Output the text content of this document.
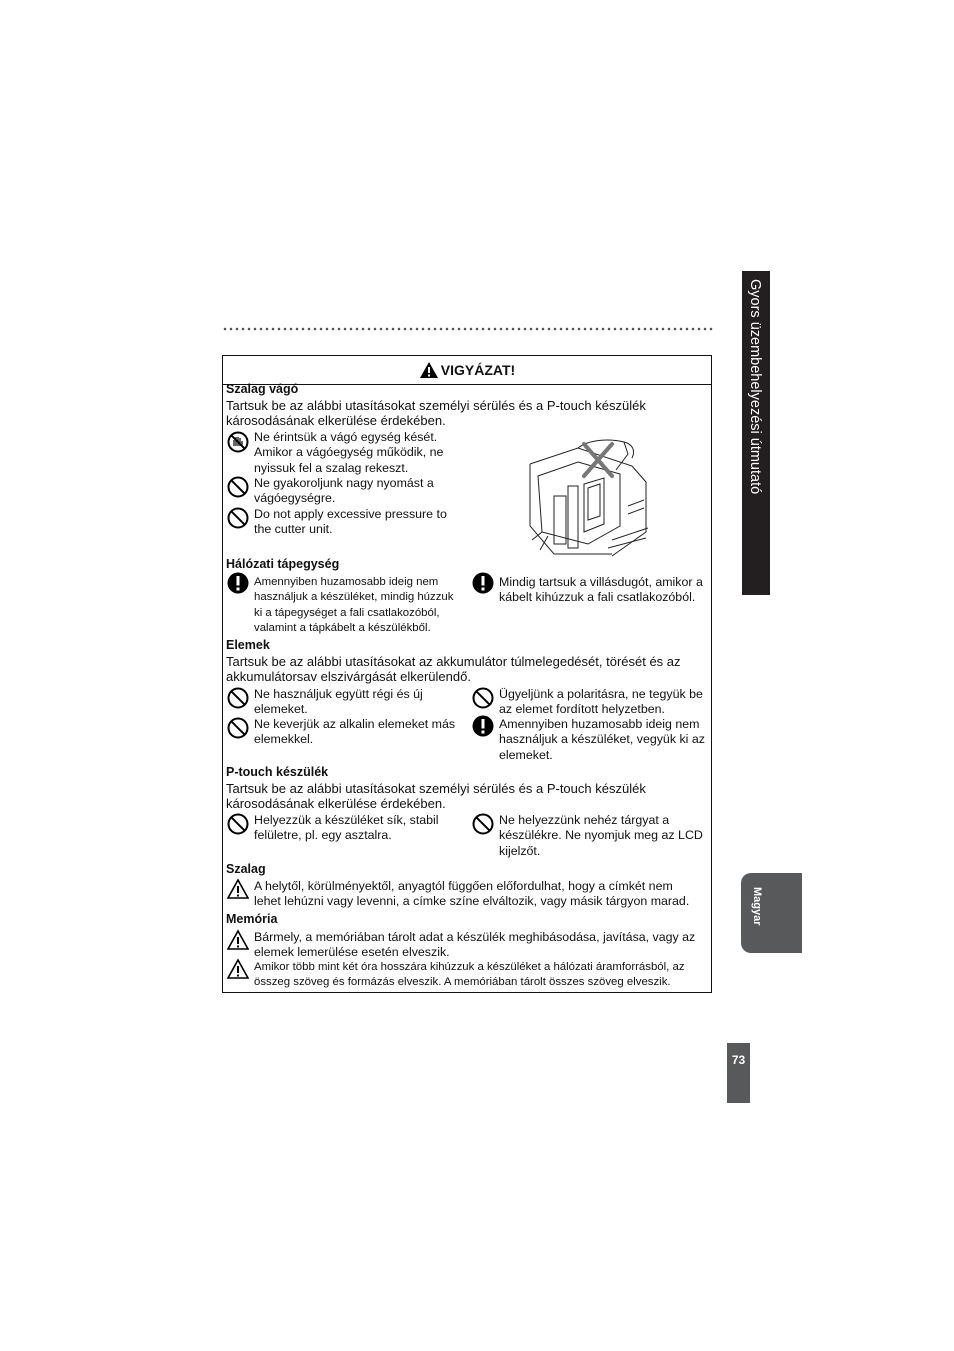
VIGYÁZAT!
Szalag vágó
Tartsuk be az alábbi utasításokat személyi sérülés és a P-touch készülék károsodásának elkerülése érdekében.
Ne érintsük a vágó egység kését.
Amikor a vágóegység működik, ne
nyissuk fel a szalag rekeszt.
Ne gyakoroljunk nagy nyomást a
vágóegységre.
Do not apply excessive pressure to
the cutter unit.
Hálózati tápegység
Amennyiben huzamosabb ideig nem
használjuk a készüléket, mindig húzzuk
ki a tápegységet a fali csatlakozóból,
valamint a tápkábelt a készülékből.
Mindig tartsuk a villásdugót, amikor a
kábelt kihúzzuk a fali csatlakozóból.
Elemek
Tartsuk be az alábbi utasításokat az akkumulátor túlmelegedését, törését és az akkumulátorsav elszivárgását elkerülendő.
Ne használjuk együtt régi és új
elemeket.
Ne keverjük az alkalin elemeket más
elemekkel.
Ügyeljünk a polaritásra, ne tegyük be
az elemet fordított helyzetben.
Amennyiben huzamosabb ideig nem
használjuk a készüléket, vegyük ki az
elemeket.
P-touch készülék
Tartsuk be az alábbi utasításokat személyi sérülés és a P-touch készülék károsodásának elkerülése érdekében.
Helyezzük a készüléket sík, stabil
felületre, pl. egy asztalra.
Ne helyezzünk nehéz tárgyat a
készülékre. Ne nyomjuk meg az LCD
kijelzőt.
Szalag
A helytől, körülményektől, anyagtól függően előfordulhat, hogy a címkét nem
lehet lehúzni vagy levenni, a címke színe elváltozik, vagy másik tárgyon marad.
Memória
Bármely, a memóriában tárolt adat a készülék meghibásodása, javítása, vagy az
elemek lemerülése esetén elveszik.
Amikor több mint két óra hosszára kihúzzuk a készüléket a hálózati áramforrásból, az
összeg szöveg és formázás elveszik. A memóriában tárolt összes szöveg elveszik.
Gyors üzembehelyezési útmutató
Magyar
73
